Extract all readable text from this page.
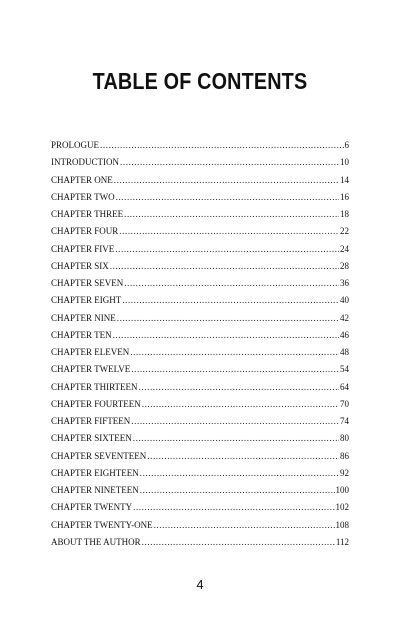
TABLE OF CONTENTS
PROLOGUE .....	6
INTRODUCTION .....	10
CHAPTER ONE .....	14
CHAPTER TWO .....	16
CHAPTER THREE .....	18
CHAPTER FOUR .....	22
CHAPTER FIVE .....	24
CHAPTER SIX .....	28
CHAPTER SEVEN .....	36
CHAPTER EIGHT .....	40
CHAPTER NINE .....	42
CHAPTER TEN .....	46
CHAPTER ELEVEN .....	48
CHAPTER TWELVE .....	54
CHAPTER THIRTEEN .....	64
CHAPTER FOURTEEN .....	70
CHAPTER FIFTEEN .....	74
CHAPTER SIXTEEN .....	80
CHAPTER SEVENTEEN .....	86
CHAPTER EIGHTEEN .....	92
CHAPTER NINETEEN .....	100
CHAPTER TWENTY .....	102
CHAPTER TWENTY-ONE .....	108
ABOUT THE AUTHOR .....	112
4
